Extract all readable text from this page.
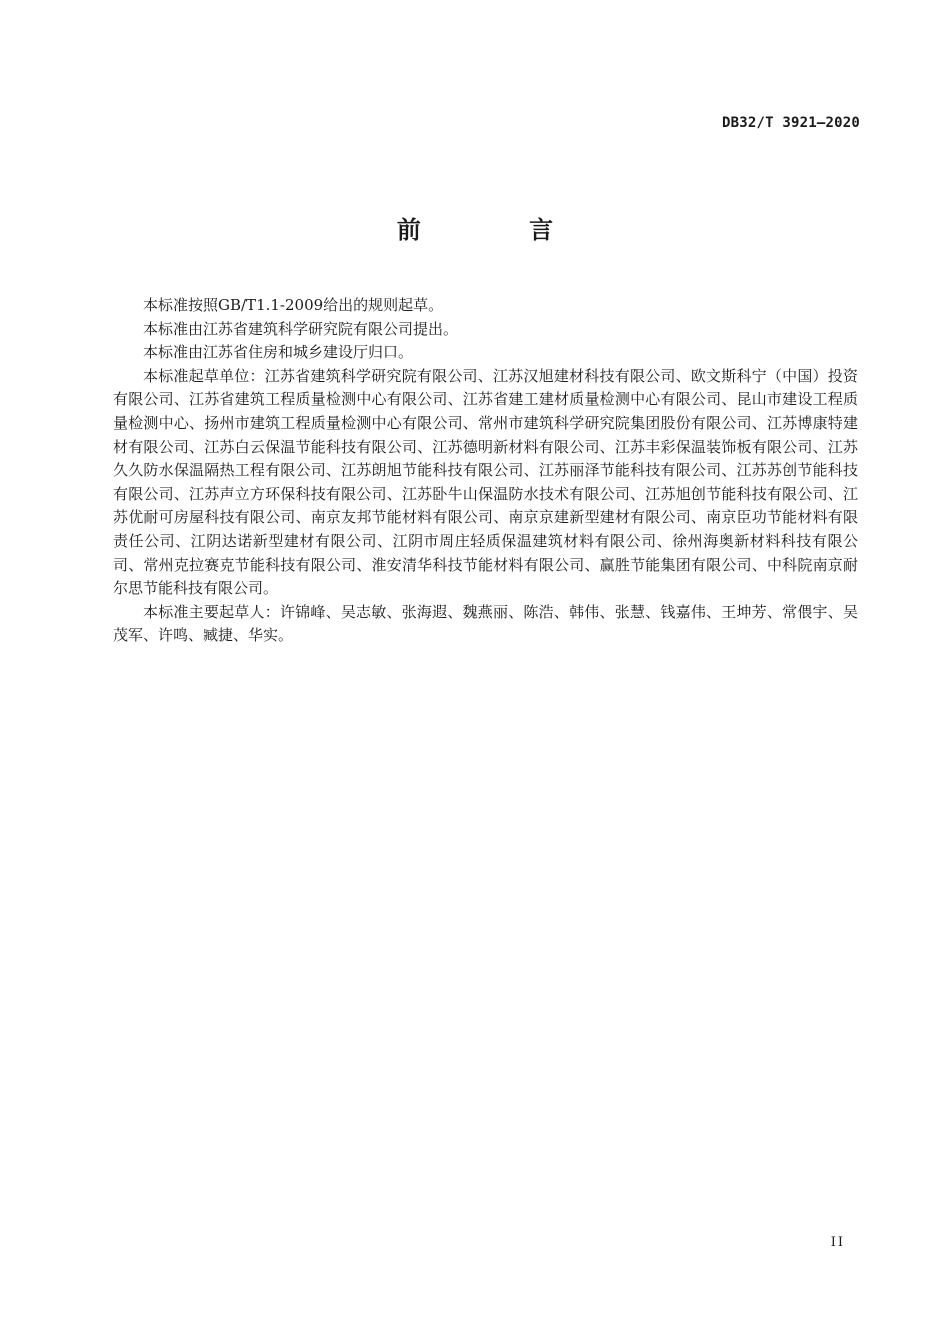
DB32/T 3921—2020
前 言

本标准按照GB/T1.1-2009给出的规则起草。

本标准由江苏省建筑科学研究院有限公司提出。

本标准由江苏省住房和城乡建设厅归口。

本标准起草单位：江苏省建筑科学研究院有限公司、江苏汉旭建材科技有限公司、欧文斯科宁（中国）投资有限公司、江苏省建筑工程质量检测中心有限公司、江苏省建工建材质量检测中心有限公司、昆山市建设工程质量检测中心、扬州市建筑工程质量检测中心有限公司、常州市建筑科学研究院集团股份有限公司、江苏博康特建材有限公司、江苏白云保温节能科技有限公司、江苏德明新材料有限公司、江苏丰彩保温装饰板有限公司、江苏久久防水保温隔热工程有限公司、江苏朗旭节能科技有限公司、江苏丽泽节能科技有限公司、江苏苏创节能科技有限公司、江苏声立方环保科技有限公司、江苏卧牛山保温防水技术有限公司、江苏旭创节能科技有限公司、江苏优耐可房屋科技有限公司、南京友邦节能材料有限公司、南京京建新型建材有限公司、南京臣功节能材料有限责任公司、江阴达诺新型建材有限公司、江阴市周庄轻质保温建筑材料有限公司、徐州海奥新材料科技有限公司、常州克拉赛克节能科技有限公司、淮安清华科技节能材料有限公司、赢胜节能集团有限公司、中科院南京耐尔思节能科技有限公司。

本标准主要起草人：许锦峰、吴志敏、张海遐、魏燕丽、陈浩、韩伟、张慧、钱嘉伟、王坤芳、常偎宇、吴茂军、许鸣、臧捷、华实。

II
